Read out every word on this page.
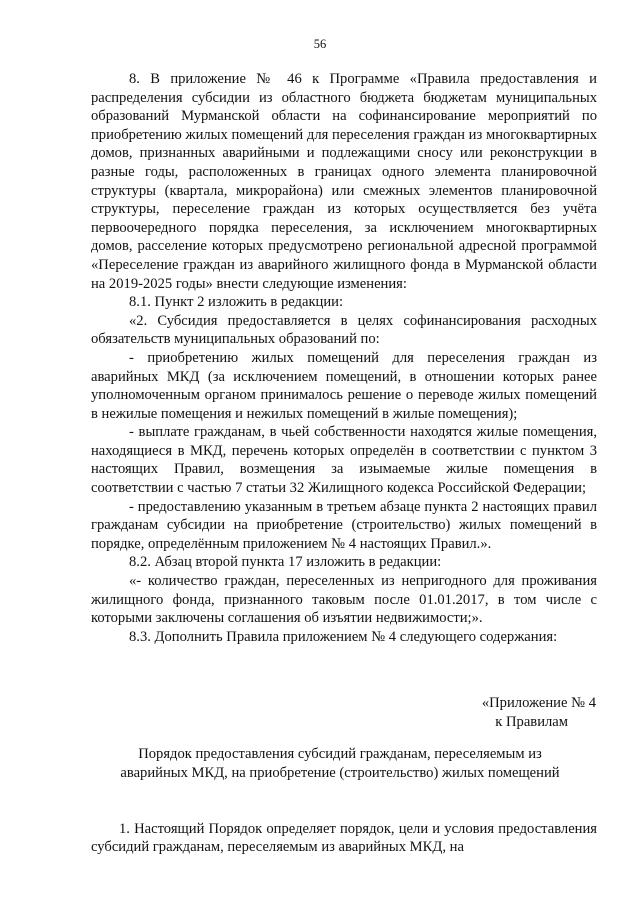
56

8. В приложение № 46 к Программе «Правила предоставления и распределения субсидии из областного бюджета бюджетам муниципальных образований Мурманской области на софинансирование мероприятий по приобретению жилых помещений для переселения граждан из многоквартирных домов, признанных аварийными и подлежащими сносу или реконструкции в разные годы, расположенных в границах одного элемента планировочной структуры (квартала, микрорайона) или смежных элементов планировочной структуры, переселение граждан из которых осуществляется без учёта первоочередного порядка переселения, за исключением многоквартирных домов, расселение которых предусмотрено региональной адресной программой «Переселение граждан из аварийного жилищного фонда в Мурманской области на 2019-2025 годы» внести следующие изменения:

8.1. Пункт 2 изложить в редакции:

«2. Субсидия предоставляется в целях софинансирования расходных обязательств муниципальных образований по:

- приобретению жилых помещений для переселения граждан из аварийных МКД (за исключением помещений, в отношении которых ранее уполномоченным органом принималось решение о переводе жилых помещений в нежилые помещения и нежилых помещений в жилые помещения);

- выплате гражданам, в чьей собственности находятся жилые помещения, находящиеся в МКД, перечень которых определён в соответствии с пунктом 3 настоящих Правил, возмещения за изымаемые жилые помещения в соответствии с частью 7 статьи 32 Жилищного кодекса Российской Федерации;

- предоставлению указанным в третьем абзаце пункта 2 настоящих правил гражданам субсидии на приобретение (строительство) жилых помещений в порядке, определённым приложением № 4 настоящих Правил.».

8.2. Абзац второй пункта 17 изложить в редакции:

«- количество граждан, переселенных из непригодного для проживания жилищного фонда, признанного таковым после 01.01.2017, в том числе с которыми заключены соглашения об изъятии недвижимости;».

8.3. Дополнить Правила приложением № 4 следующего содержания:

«Приложение № 4
к Правилам
Порядок предоставления субсидий гражданам, переселяемым из
аварийных МКД, на приобретение (строительство) жилых помещений

1. Настоящий Порядок определяет порядок, цели и условия предоставления субсидий гражданам, переселяемым из аварийных МКД, на
